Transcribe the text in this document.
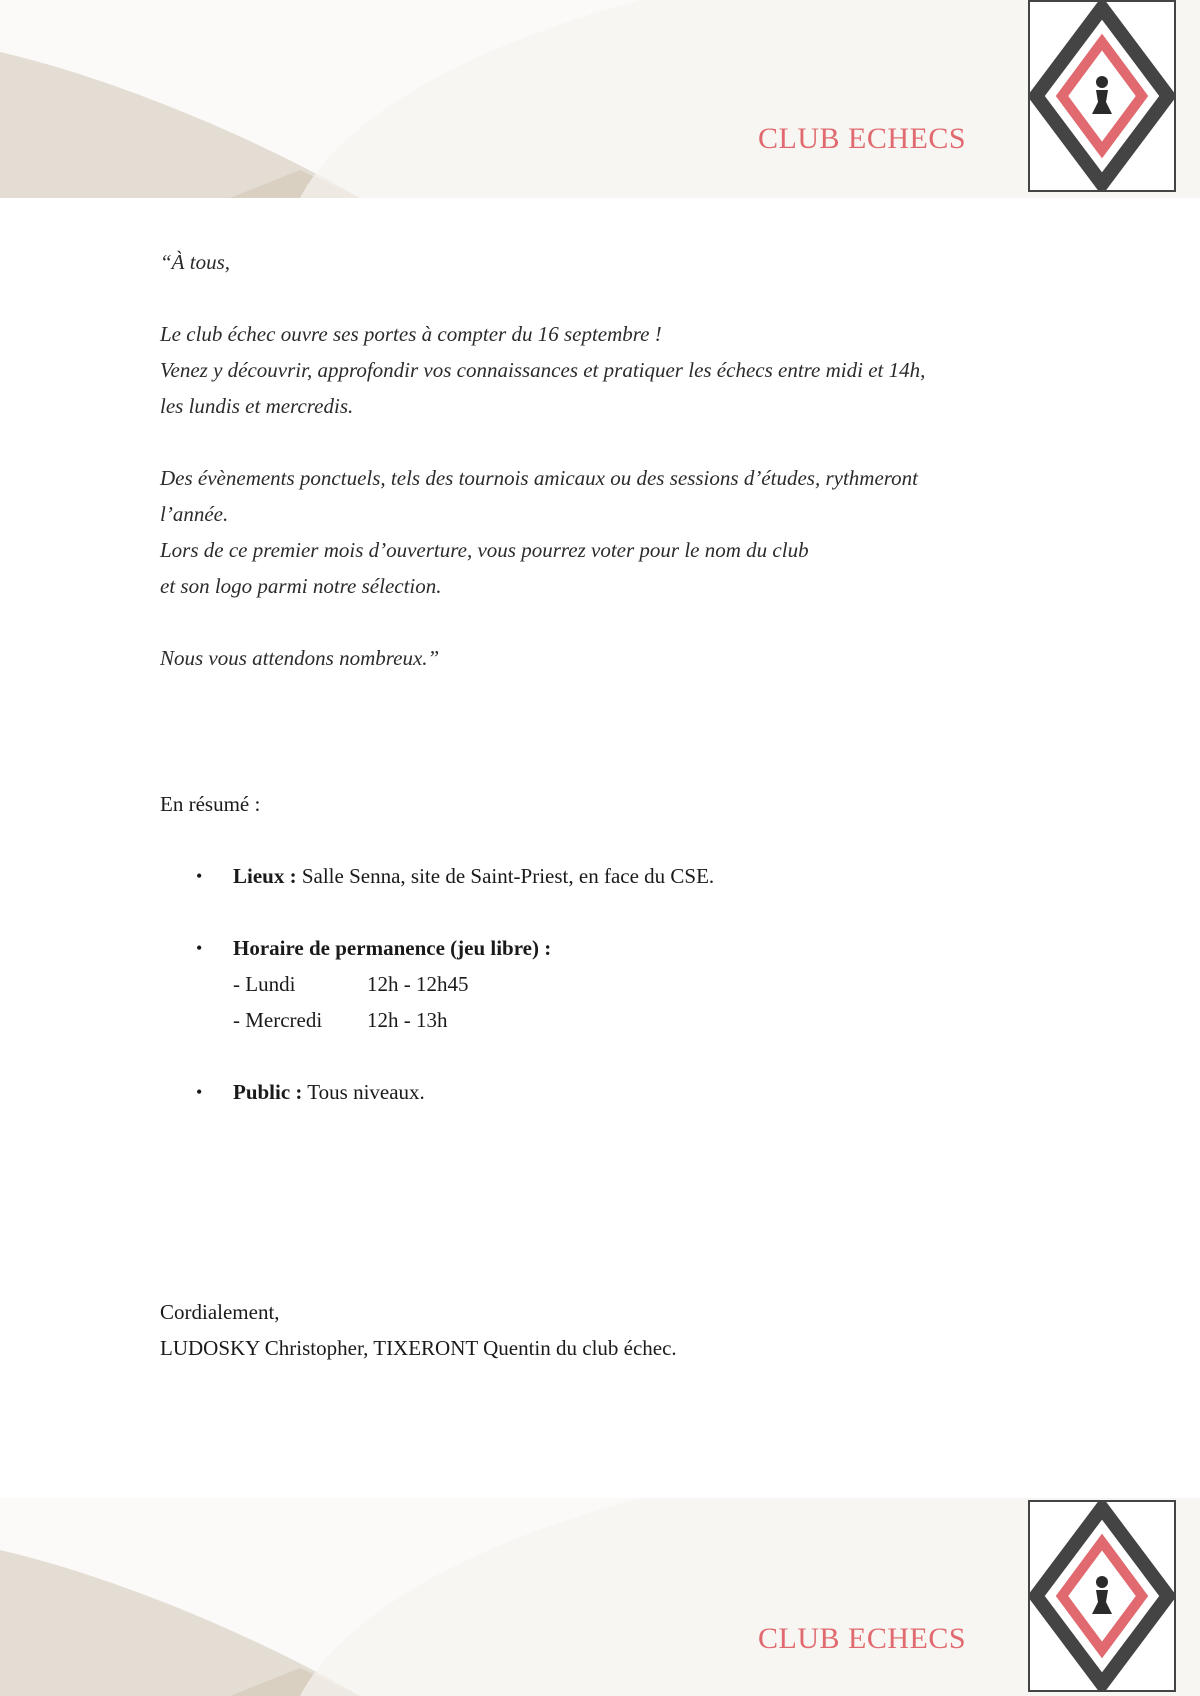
CLUB ECHECS

“À tous,

Le club échec ouvre ses portes à compter du 16 septembre !
Venez y découvrir, approfondir vos connaissances et pratiquer les échecs entre midi et 14h,
les lundis et mercredis.

Des évènements ponctuels, tels des tournois amicaux ou des sessions d’études, rythmeront
l’année.
Lors de ce premier mois d’ouverture, vous pourrez voter pour le nom du club
et son logo parmi notre sélection.

Nous vous attendons nombreux.”

En résumé :
• Lieux : Salle Senna, site de Saint-Priest, en face du CSE.
• Horaire de permanence (jeu libre) :
- Lundi	12h - 12h45
- Mercredi 12h - 13h
• Public : Tous niveaux.
Cordialement,
LUDOSKY Christopher, TIXERONT Quentin du club échec.
CLUB ECHECS
